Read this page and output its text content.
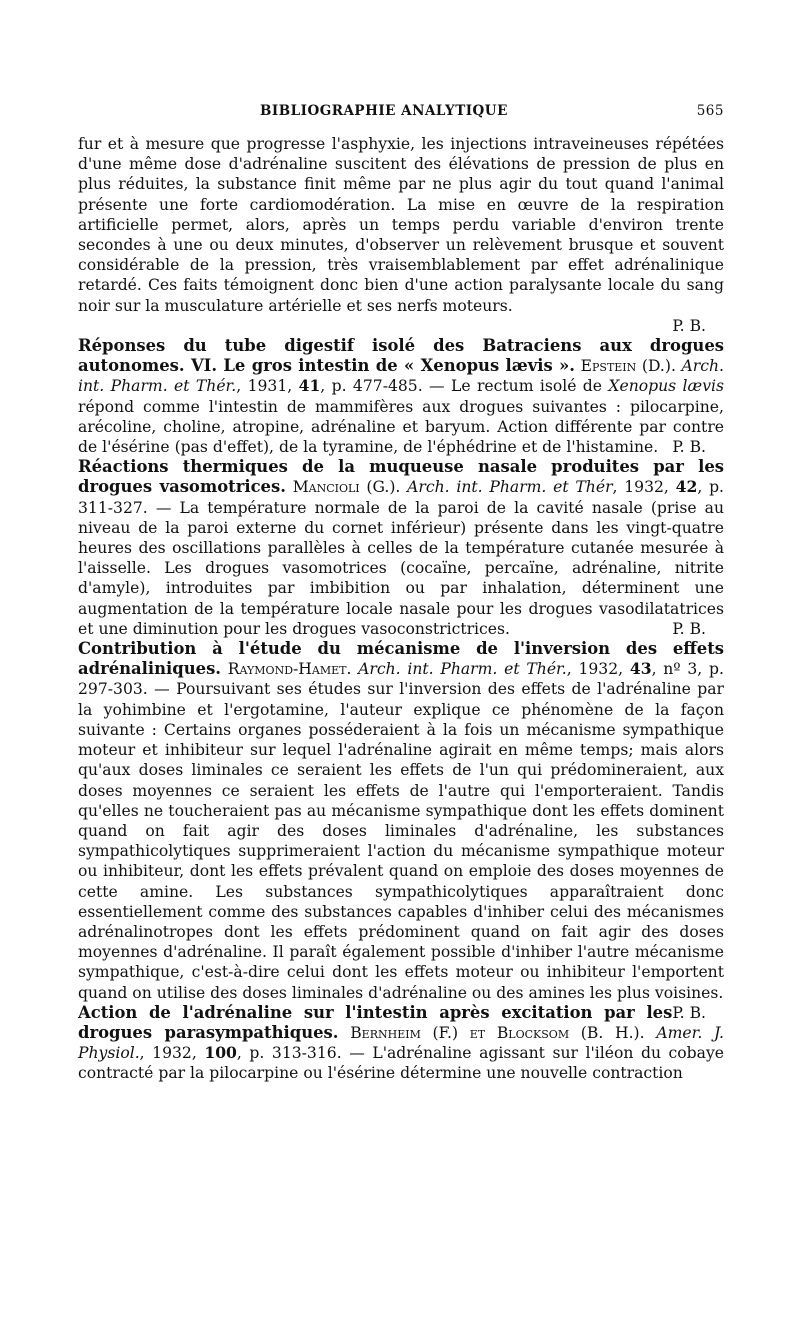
BIBLIOGRAPHIE ANALYTIQUE	565

fur et à mesure que progresse l'asphyxie, les injections intraveineuses répétées d'une même dose d'adrénaline suscitent des élévations de pression de plus en plus réduites, la substance finit même par ne plus agir du tout quand l'animal présente une forte cardiomodération. La mise en œuvre de la respiration artificielle permet, alors, après un temps perdu variable d'environ trente secondes à une ou deux minutes, d'observer un relèvement brusque et souvent considérable de la pression, très vraisemblablement par effet adrénalinique retardé. Ces faits témoignent donc bien d'une action paralysante locale du sang noir sur la musculature artérielle et ses nerfs moteurs.

P. B.

Réponses du tube digestif isolé des Batraciens aux drogues autonomes. VI. Le gros intestin de « Xenopus lævis ». Epstein (D.). Arch. int. Pharm. et Thér., 1931, 41, p. 477-485. — Le rectum isolé de Xenopus lævis répond comme l'intestin de mammifères aux drogues suivantes : pilocarpine, arécoline, choline, atropine, adrénaline et baryum. Action différente par contre de l'ésérine (pas d'effet), de la tyramine, de l'éphédrine et de l'histamine. P. B.

Réactions thermiques de la muqueuse nasale produites par les drogues vasomotrices. Mancioli (G.). Arch. int. Pharm. et Thér, 1932, 42, p. 311-327. — La température normale de la paroi de la cavité nasale (prise au niveau de la paroi externe du cornet inférieur) présente dans les vingt-quatre heures des oscillations parallèles à celles de la température cutanée mesurée à l'aisselle. Les drogues vasomotrices (cocaïne, percaïne, adrénaline, nitrite d'amyle), introduites par imbibition ou par inhalation, déterminent une augmentation de la température locale nasale pour les drogues vasodilatatrices et une diminution pour les drogues vasoconstrictrices.	P. B.

Contribution à l'étude du mécanisme de l'inversion des effets adrénaliniques. Raymond-Hamet. Arch. int. Pharm. et Thér., 1932, 43, nº 3, p. 297-303. — Poursuivant ses études sur l'inversion des effets de l'adrénaline par la yohimbine et l'ergotamine, l'auteur explique ce phénomène de la façon suivante : Certains organes posséderaient à la fois un mécanisme sympathique moteur et inhibiteur sur lequel l'adrénaline agirait en même temps; mais alors qu'aux doses liminales ce seraient les effets de l'un qui prédomineraient, aux doses moyennes ce seraient les effets de l'autre qui l'emporteraient. Tandis qu'elles ne toucheraient pas au mécanisme sympathique dont les effets dominent quand on fait agir des doses liminales d'adrénaline, les substances sympathicolytiques supprimeraient l'action du mécanisme sympathique moteur ou inhibiteur, dont les effets prévalent quand on emploie des doses moyennes de cette amine. Les substances sympathicolytiques apparaîtraient donc essentiellement comme des substances capables d'inhiber celui des mécanismes adrénalinotropes dont les effets prédominent quand on fait agir des doses moyennes d'adrénaline. Il paraît également possible d'inhiber l'autre mécanisme sympathique, c'est-à-dire celui dont les effets moteur ou inhibiteur l'emportent quand on utilise des doses liminales d'adrénaline ou des amines les plus voisines.
P. B.

Action de l'adrénaline sur l'intestin après excitation par les drogues parasympathiques. Bernheim (F.) et Blocksom (B. H.). Amer. J. Physiol., 1932, 100, p. 313-316. — L'adrénaline agissant sur l'iléon du cobaye contracté par la pilocarpine ou l'ésérine détermine une nouvelle contraction
